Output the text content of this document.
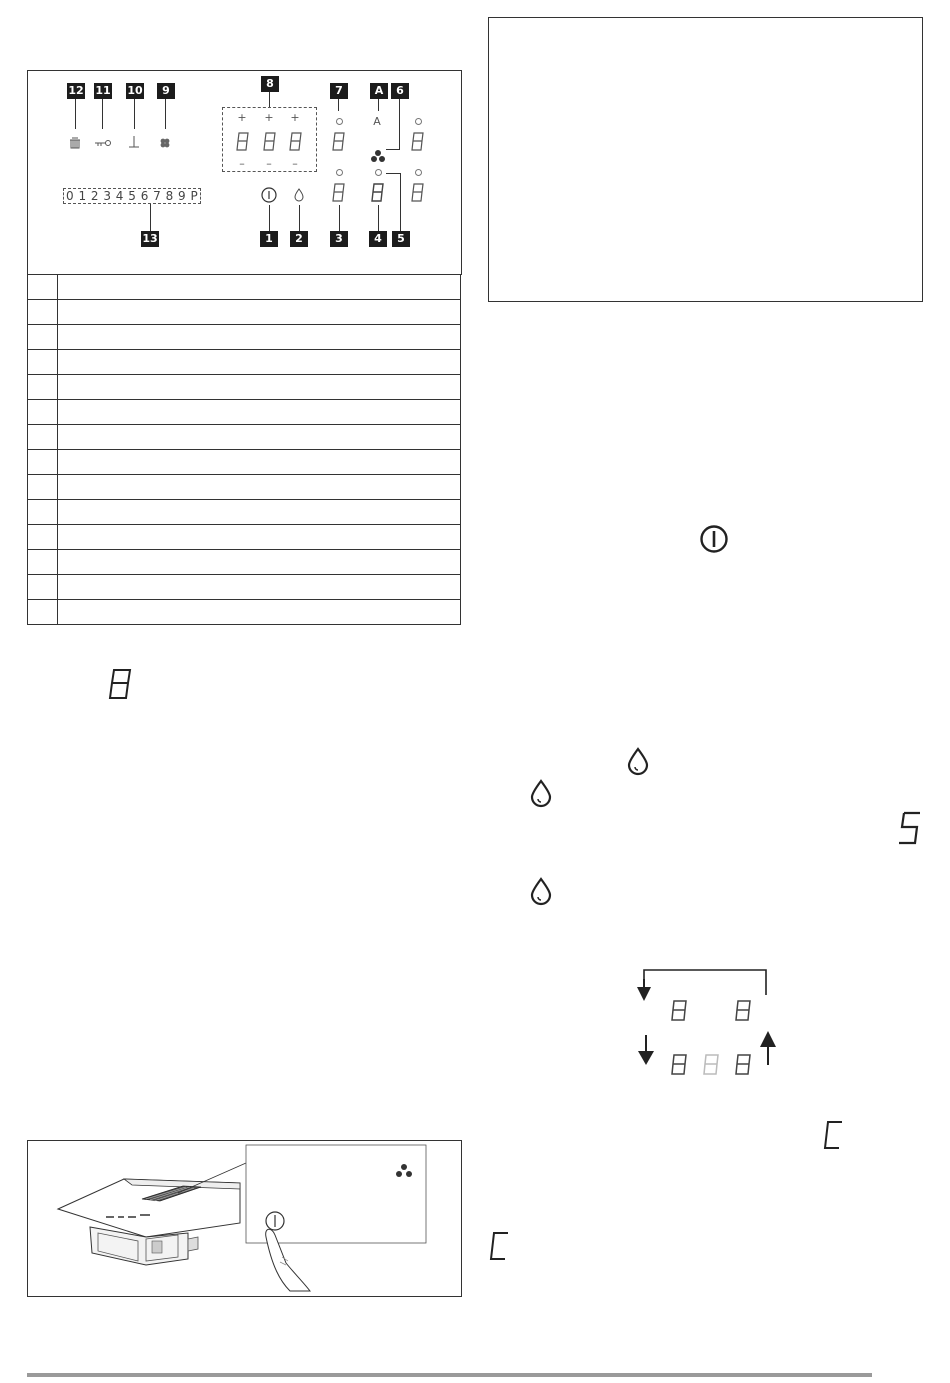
12 11 10	9
8
7	A	6
+ + +
– – –
A
0 1 2 3 4 5 6 7 8 9 P
13	1	2	3	4	5
